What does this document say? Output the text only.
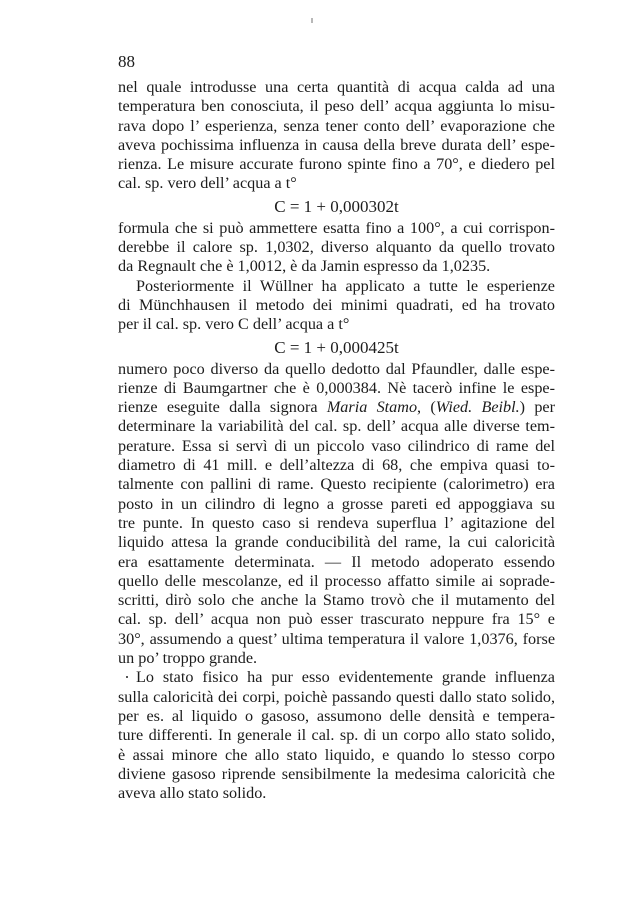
88
nel quale introdusse una certa quantità di acqua calda ad una
temperatura ben conosciuta, il peso dell’ acqua aggiunta lo misu-
rava dopo l’ esperienza, senza tener conto dell’ evaporazione che
aveva pochissima influenza in causa della breve durata dell’ espe-
rienza. Le misure accurate furono spinte fino a 70°, e diedero pel
cal. sp. vero dell’ acqua a t°
C = 1 + 0,000302t
formula che si può ammettere esatta fino a 100°, a cui corrispon-
derebbe il calore sp. 1,0302, diverso alquanto da quello trovato
da Regnault che è 1,0012, è da Jamin espresso da 1,0235.
Posteriormente il Wüllner ha applicato a tutte le esperienze
di Münchhausen il metodo dei minimi quadrati, ed ha trovato
per il cal. sp. vero C dell’ acqua a t°
C = 1 + 0,000425t
numero poco diverso da quello dedotto dal Pfaundler, dalle espe-
rienze di Baumgartner che è 0,000384. Nè tacerò infine le espe-
rienze eseguite dalla signora Maria Stamo, (Wied. Beibl.) per
determinare la variabilità del cal. sp. dell’ acqua alle diverse tem-
perature. Essa si servì di un piccolo vaso cilindrico di rame del
diametro di 41 mill. e dell’altezza di 68, che empiva quasi to-
talmente con pallini di rame. Questo recipiente (calorimetro) era
posto in un cilindro di legno a grosse pareti ed appoggiava su
tre punte. In questo caso si rendeva superflua l’ agitazione del
liquido attesa la grande conducibilità del rame, la cui caloricità
era esattamente determinata. — Il metodo adoperato essendo
quello delle mescolanze, ed il processo affatto simile ai soprade-
scritti, dirò solo che anche la Stamo trovò che il mutamento del
cal. sp. dell’ acqua non può esser trascurato neppure fra 15° e
30°, assumendo a quest’ ultima temperatura il valore 1,0376, forse
un po’ troppo grande.
Lo stato fisico ha pur esso evidentemente grande influenza
sulla caloricità dei corpi, poichè passando questi dallo stato solido,
per es. al liquido o gasoso, assumono delle densità e tempera-
ture differenti. In generale il cal. sp. di un corpo allo stato solido,
è assai minore che allo stato liquido, e quando lo stesso corpo
diviene gasoso riprende sensibilmente la medesima caloricità che
aveva allo stato solido.
